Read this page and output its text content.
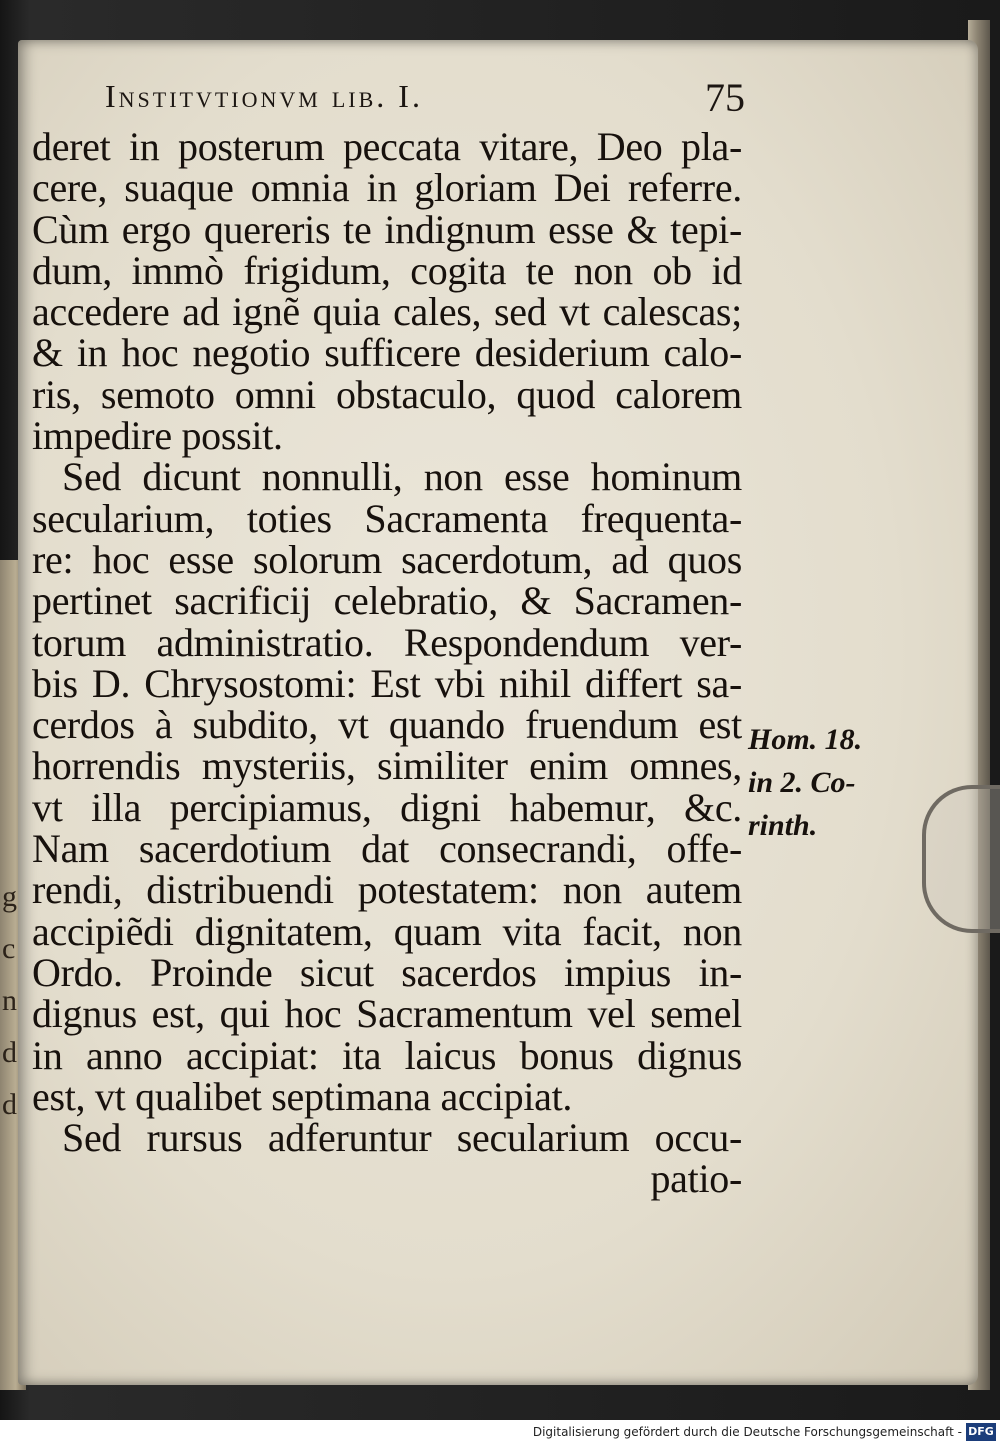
g
c
n
d
d
Institvtionvm lib. I.	75
deret in posterum peccata vitare, Deo pla-
cere, suaque omnia in gloriam Dei referre.
Cùm ergo quereris te indignum esse & tepi-
dum, immò frigidum, cogita te non ob id
accedere ad ignẽ quia cales, sed vt calescas;
& in hoc negotio sufficere desiderium calo-
ris, semoto omni obstaculo, quod calorem
impedire possit.
Sed dicunt nonnulli, non esse hominum
secularium, toties Sacramenta frequenta-
re: hoc esse solorum sacerdotum, ad quos
pertinet sacrificij celebratio, & Sacramen-
torum administratio. Respondendum ver-
bis D. Chrysostomi: Est vbi nihil differt sa-
cerdos à subdito, vt quando fruendum est
horrendis mysteriis, similiter enim omnes,
vt illa percipiamus, digni habemur, &c.
Nam sacerdotium dat consecrandi, offe-
rendi, distribuendi potestatem: non autem
accipiẽdi dignitatem, quam vita facit, non
Ordo. Proinde sicut sacerdos impius in-
dignus est, qui hoc Sacramentum vel semel
in anno accipiat: ita laicus bonus dignus
est, vt qualibet septimana accipiat.
Sed rursus adferuntur secularium occu-
patio-
Hom. 18.
in 2. Co-
rinth.
Digitalisierung gefördert durch die Deutsche Forschungsgemeinschaft - DFG
